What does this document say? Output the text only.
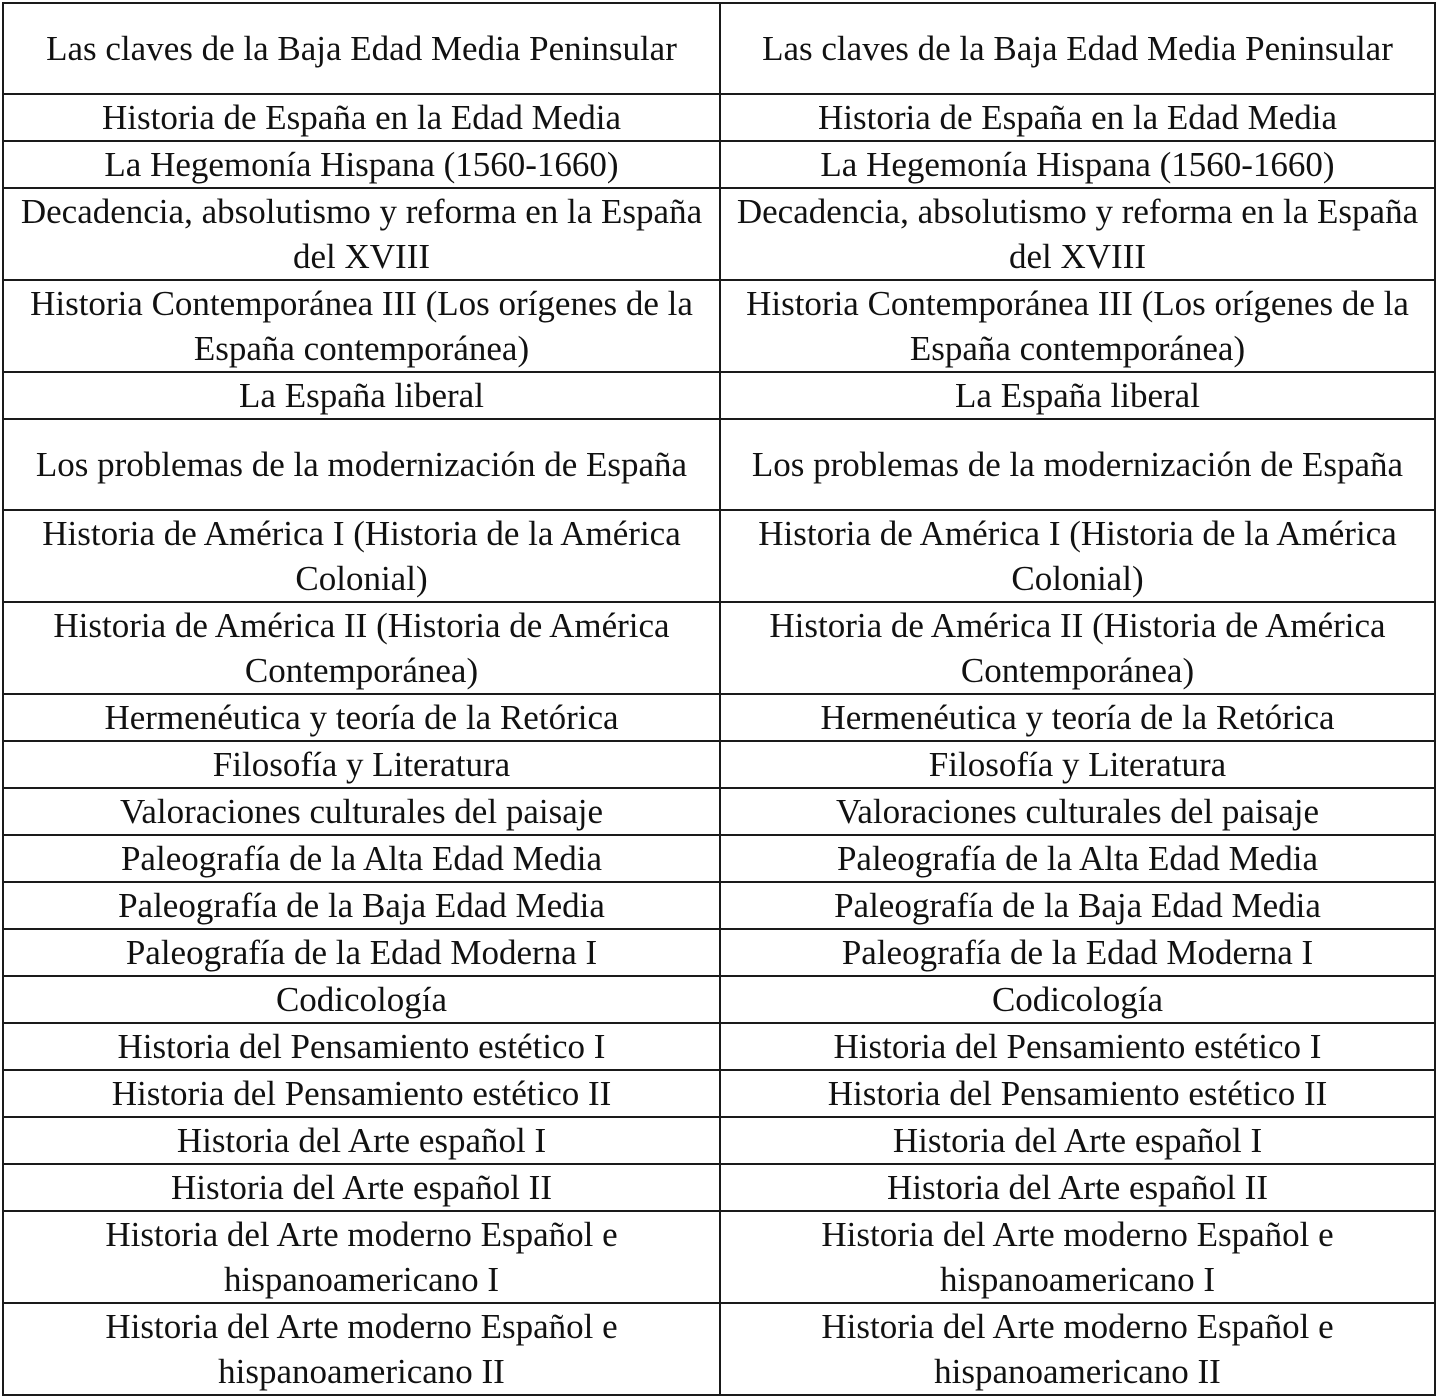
Las claves de la Baja Edad Media Peninsular	Las claves de la Baja Edad Media Peninsular
Historia de España en la Edad Media	Historia de España en la Edad Media
La Hegemonía Hispana (1560-1660)	La Hegemonía Hispana (1560-1660)
Decadencia, absolutismo y reforma en la España del XVIII	Decadencia, absolutismo y reforma en la España del XVIII
Historia Contemporánea III (Los orígenes de la España contemporánea)	Historia Contemporánea III (Los orígenes de la España contemporánea)
La España liberal	La España liberal
Los problemas de la modernización de España	Los problemas de la modernización de España
Historia de América I (Historia de la América Colonial)	Historia de América I (Historia de la América Colonial)
Historia de América II (Historia de América Contemporánea)	Historia de América II (Historia de América Contemporánea)
Hermenéutica y teoría de la Retórica	Hermenéutica y teoría de la Retórica
Filosofía y Literatura	Filosofía y Literatura
Valoraciones culturales del paisaje	Valoraciones culturales del paisaje
Paleografía de la Alta Edad Media	Paleografía de la Alta Edad Media
Paleografía de la Baja Edad Media	Paleografía de la Baja Edad Media
Paleografía de la Edad Moderna I	Paleografía de la Edad Moderna I
Codicología	Codicología
Historia del Pensamiento estético I	Historia del Pensamiento estético I
Historia del Pensamiento estético II	Historia del Pensamiento estético II
Historia del Arte español I	Historia del Arte español I
Historia del Arte español II	Historia del Arte español II
Historia del Arte moderno Español e hispanoamericano I	Historia del Arte moderno Español e hispanoamericano I
Historia del Arte moderno Español e hispanoamericano II	Historia del Arte moderno Español e hispanoamericano II
